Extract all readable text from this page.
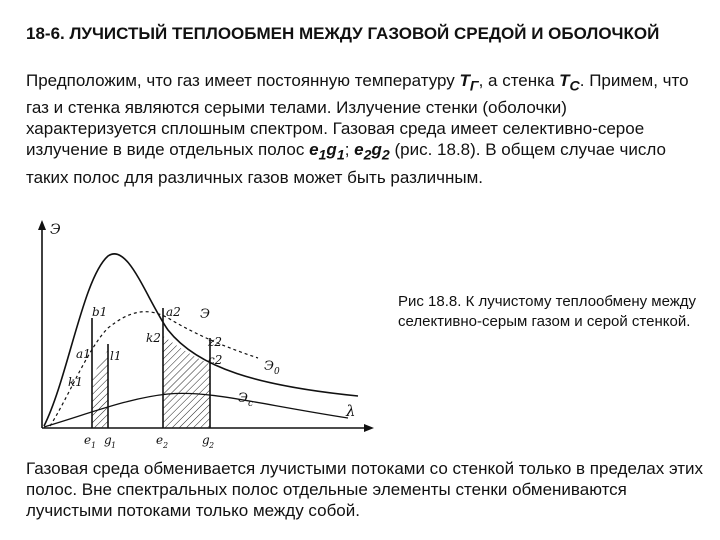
18-6. ЛУЧИСТЫЙ ТЕПЛООБМЕН МЕЖДУ ГАЗОВОЙ СРЕДОЙ И ОБОЛОЧКОЙ
Предположим, что газ имеет постоянную температуру $T_Г$, а стенка $T_С$. Примем, что газ и стенка являются серыми телами. Излучение стенки (оболочки) характеризуется сплошным спектром. Газовая среда имеет селективно-серое излучение в виде отдельных полос $e_1g_1$; $e_2g_2$ (рис. 18.8). В общем случае число таких полос для различных газов может быть различным.
a1
b1
l1
k1
a2
k2	z2
c2
Э
Э 0
Э с
Э
λ
e 1 g 1	e 2	g 2
Рис 18.8. К лучистому теплообмену между селективно-серым газом и серой стенкой.
Газовая среда обменивается лучистыми потоками со стенкой только в пределах этих полос. Вне спектральных полос отдельные элементы стенки обмениваются лучистыми потоками только между собой.
